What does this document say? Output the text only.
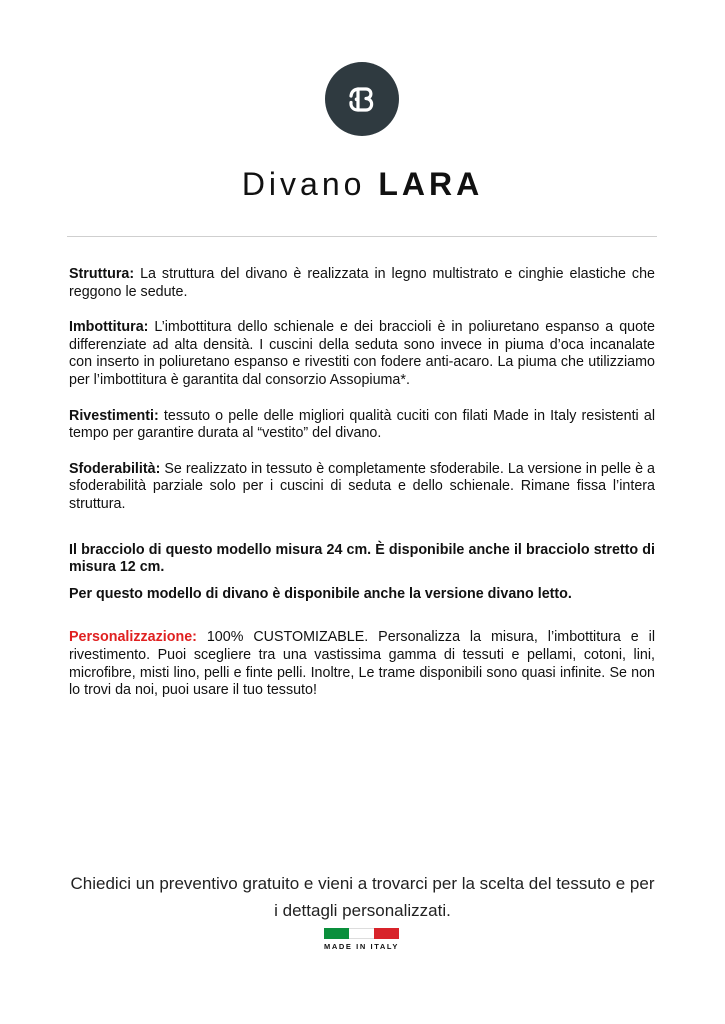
Divano LARA

Struttura: La struttura del divano è realizzata in legno multistrato e cinghie elastiche che reggono le sedute.

Imbottitura: L’imbottitura dello schienale e dei braccioli è in poliuretano espanso a quote differenziate ad alta densità. I cuscini della seduta sono invece in piuma d’oca incanalate con inserto in poliuretano espanso e rivestiti con fodere anti-acaro. La piuma che utilizziamo per l’imbottitura è garantita dal consorzio Assopiuma*.

Rivestimenti: tessuto o pelle delle migliori qualità cuciti con filati Made in Italy resistenti al tempo per garantire durata al “vestito” del divano.

Sfoderabilità: Se realizzato in tessuto è completamente sfoderabile. La versione in pelle è a sfoderabilità parziale solo per i cuscini di seduta e dello schienale. Rimane fissa l’intera struttura.

Il bracciolo di questo modello misura 24 cm. È disponibile anche il bracciolo stretto di misura 12 cm.

Per questo modello di divano è disponibile anche la versione divano letto.

Personalizzazione: 100% CUSTOMIZABLE. Personalizza la misura, l’imbottitura e il rivestimento. Puoi scegliere tra una vastissima gamma di tessuti e pellami, cotoni, lini, microfibre, misti lino, pelli e finte pelli. Inoltre, Le trame disponibili sono quasi infinite. Se non lo trovi da noi, puoi usare il tuo tessuto!

Chiedici un preventivo gratuito e vieni a trovarci per la scelta del tessuto e per
i dettagli personalizzati.
MADE IN ITALY
